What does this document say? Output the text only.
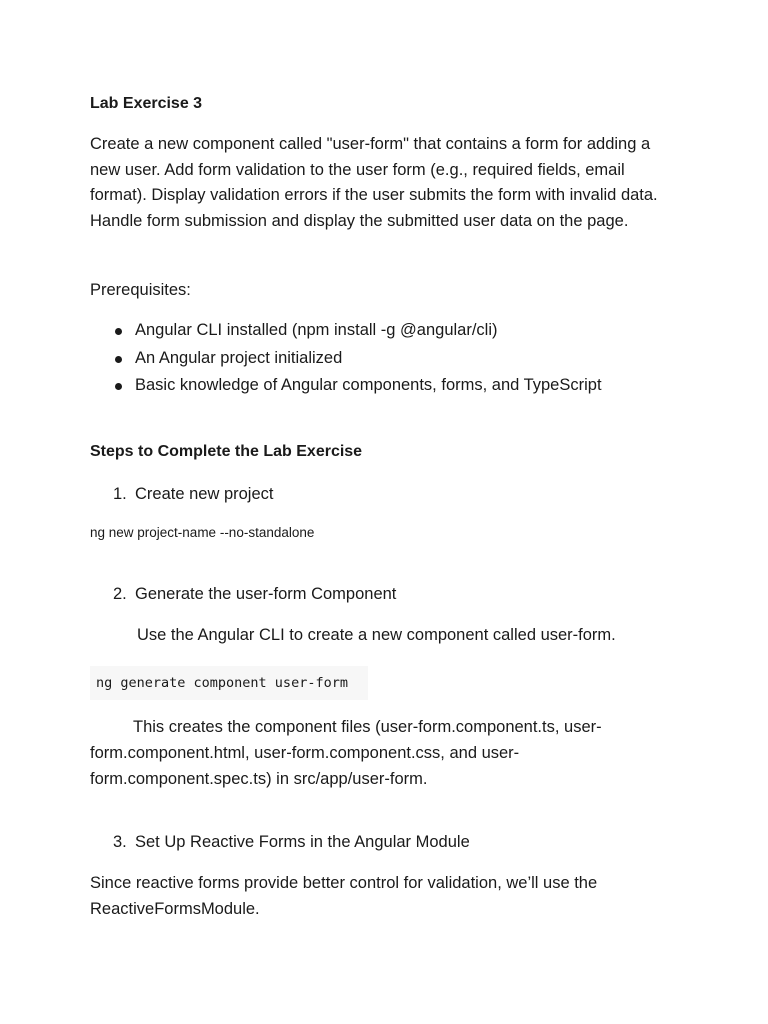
Lab Exercise 3
Create a new component called "user-form" that contains a form for adding a new user. Add form validation to the user form (e.g., required fields, email format). Display validation errors if the user submits the form with invalid data. Handle form submission and display the submitted user data on the page.
Prerequisites:
Angular CLI installed (npm install -g @angular/cli)
An Angular project initialized
Basic knowledge of Angular components, forms, and TypeScript
Steps to Complete the Lab Exercise
1. Create new project
ng new project-name --no-standalone
2. Generate the user-form Component
Use the Angular CLI to create a new component called user-form.
ng generate component user-form
This creates the component files (user-form.component.ts, user-
form.component.html, user-form.component.css, and user-
form.component.spec.ts) in src/app/user-form.
3. Set Up Reactive Forms in the Angular Module
Since reactive forms provide better control for validation, we’ll use the
ReactiveFormsModule.
